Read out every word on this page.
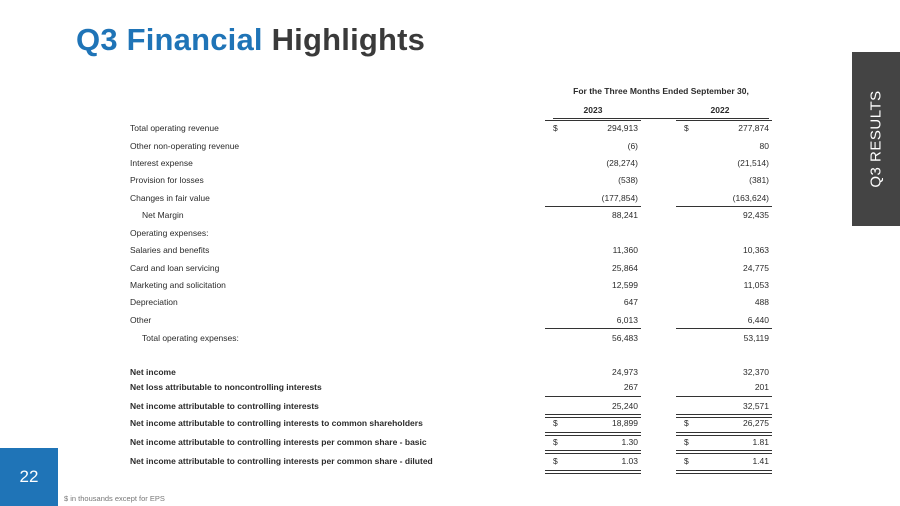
Q3 Financial Highlights
Q3 RESULTS
22
$ in thousands except for EPS
For the Three Months Ended September 30,
2023	2022
Total operating revenue	$	294,913	$	277,874
Other non-operating revenue	(6)	80
Interest expense	(28,274)	(21,514)
Provision for losses	(538)	(381)
Changes in fair value	(177,854)	(163,624)
Net Margin	88,241	92,435
Operating expenses:
Salaries and benefits	11,360	10,363
Card and loan servicing	25,864	24,775
Marketing and solicitation	12,599	11,053
Depreciation	647	488
Other	6,013	6,440
Total operating expenses:	56,483	53,119
Net income	24,973	32,370
Net loss attributable to noncontrolling interests	267	201
Net income attributable to controlling interests	25,240	32,571
Net income attributable to controlling interests to common shareholders	$	18,899	$	26,275
Net income attributable to controlling interests per common share - basic	$	1.30	$	1.81
Net income attributable to controlling interests per common share - diluted	$	1.03	$	1.41
